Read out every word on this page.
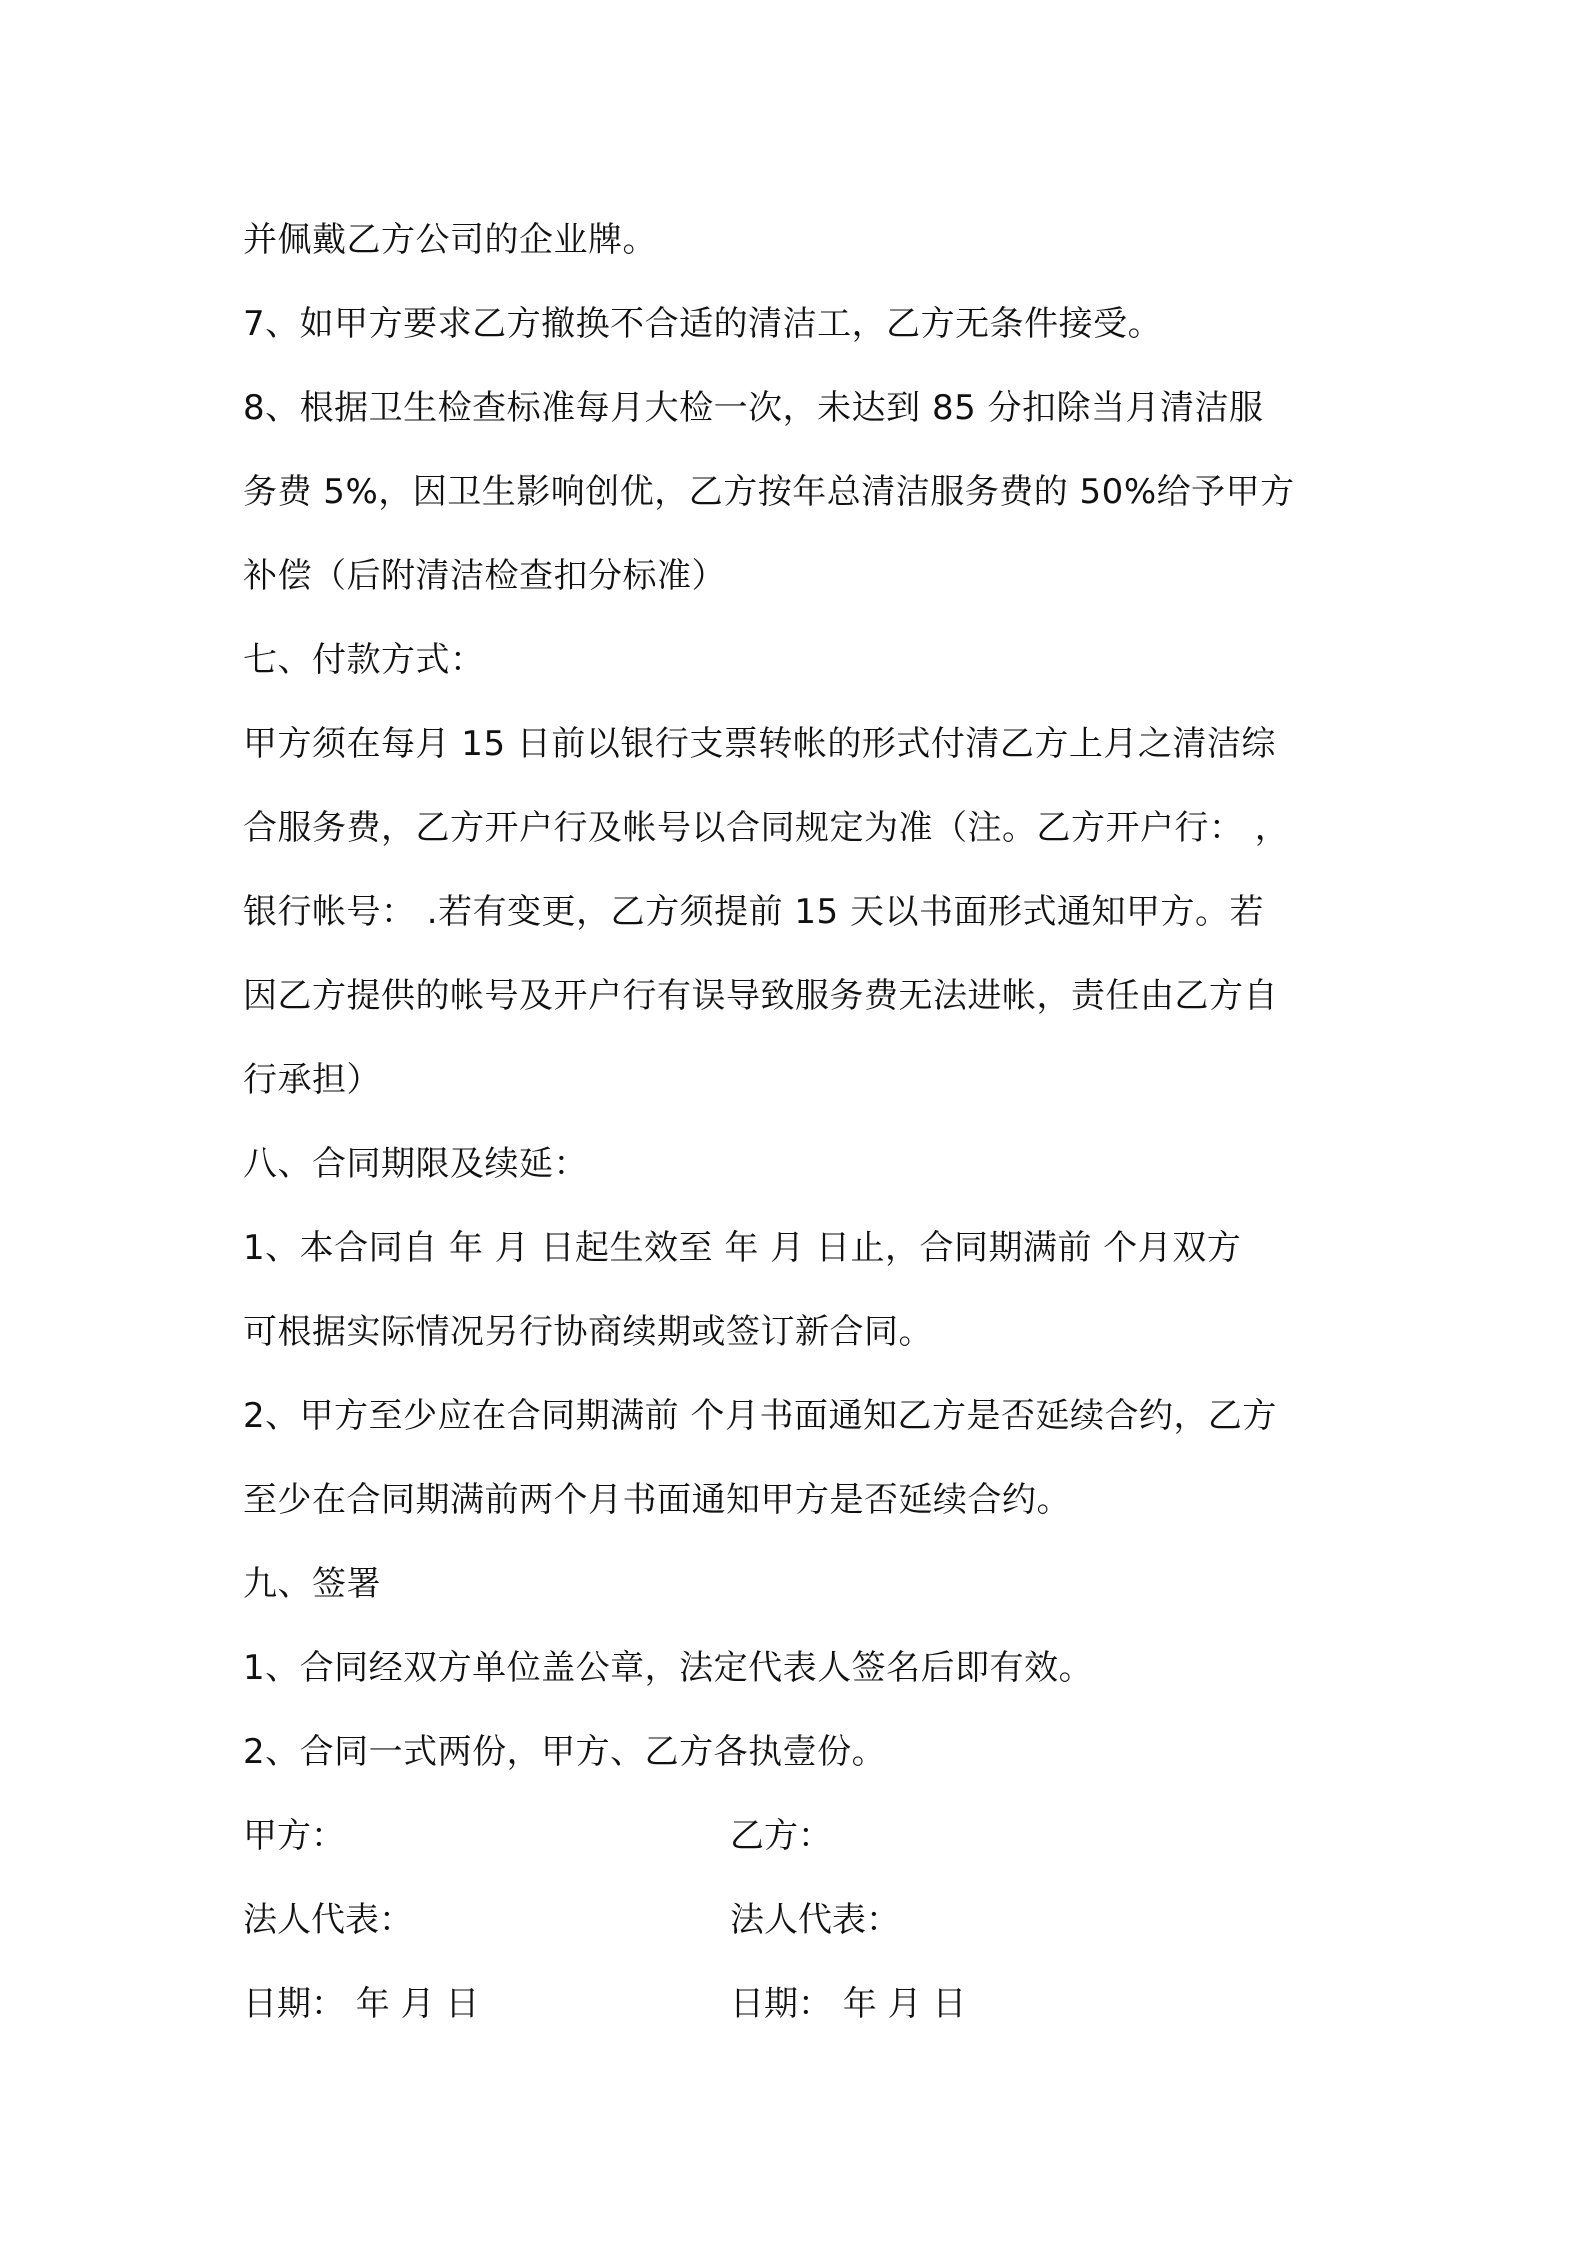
并佩戴乙方公司的企业牌。
7、如甲方要求乙方撤换不合适的清洁工，乙方无条件接受。
8、根据卫生检查标准每月大检一次，未达到 85 分扣除当月清洁服
务费 5%，因卫生影响创优，乙方按年总清洁服务费的 50%给予甲方
补偿（后附清洁检查扣分标准）
七、付款方式：
甲方须在每月 15 日前以银行支票转帐的形式付清乙方上月之清洁综
合服务费，乙方开户行及帐号以合同规定为准（注。乙方开户行： ，
银行帐号： .若有变更，乙方须提前 15 天以书面形式通知甲方。若
因乙方提供的帐号及开户行有误导致服务费无法进帐，责任由乙方自
行承担）
八、合同期限及续延：
1、本合同自 年 月 日起生效至 年 月 日止，合同期满前 个月双方
可根据实际情况另行协商续期或签订新合同。
2、甲方至少应在合同期满前 个月书面通知乙方是否延续合约，乙方
至少在合同期满前两个月书面通知甲方是否延续合约。
九、签署
1、合同经双方单位盖公章，法定代表人签名后即有效。
2、合同一式两份，甲方、乙方各执壹份。
甲方：	乙方：
法人代表：	法人代表：
日期： 年 月 日	日期： 年 月 日
